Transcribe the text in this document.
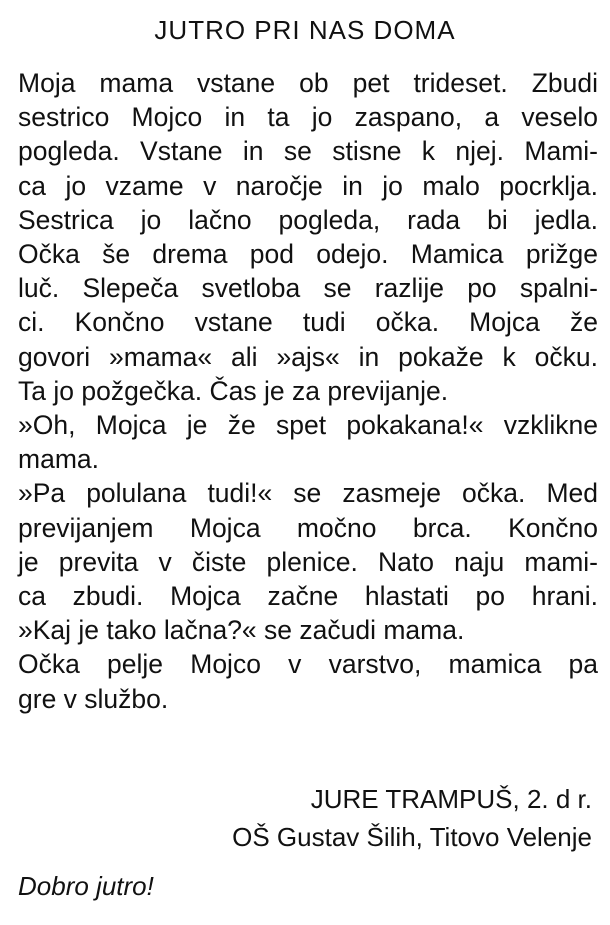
JUTRO PRI NAS DOMA
Moja mama vstane ob pet trideset. Zbudi
sestrico Mojco in ta jo zaspano, a veselo
pogleda. Vstane in se stisne k njej. Mami-
ca jo vzame v naročje in jo malo pocrklja.
Sestrica jo lačno pogleda, rada bi jedla.
Očka še drema pod odejo. Mamica prižge
luč. Slepeča svetloba se razlije po spalni-
ci. Končno vstane tudi očka. Mojca že
govori »mama« ali »ajs« in pokaže k očku.
Ta jo požgečka. Čas je za previjanje.
»Oh, Mojca je že spet pokakana!« vzklikne
mama.
»Pa polulana tudi!« se zasmeje očka. Med
previjanjem Mojca močno brca. Končno
je previta v čiste plenice. Nato naju mami-
ca zbudi. Mojca začne hlastati po hrani.
»Kaj je tako lačna?« se začudi mama.
Očka pelje Mojco v varstvo, mamica pa
gre v službo.
JURE TRAMPUŠ, 2. d r.
OŠ Gustav Šilih, Titovo Velenje
Dobro jutro!
